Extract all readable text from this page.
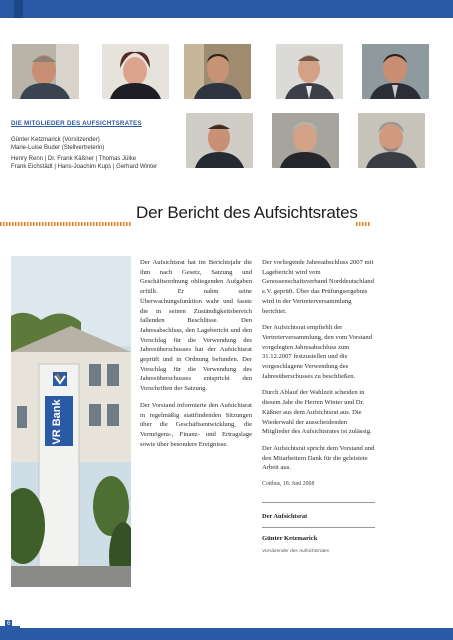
DIE MITGLIEDER DES AUFSICHTSRATES
Günter Ketzmarick (Vorsitzender)
Marie-Luise Buder (Stellvertreterin)
Henry Renn | Dr. Frank Käßner | Thomas Jülke
Frank Eichstädt | Hans-Joachim Kups | Gerhard Winter
Der Bericht des Aufsichtsrates
VR Bank

Der Aufsichtsrat hat im Berichtsjahr die ihm nach Gesetz, Satzung und Geschäftsordnung obliegenden Aufgaben erfüllt. Er nahm seine Überwachungsfunktion wahr und fasste die in seinen Zuständigkeitsbereich fallenden Beschlüsse. Den Jahresabschluss, den Lagebericht und den Vorschlag für die Verwendung des Jahresüberschusses hat der Aufsichtsrat geprüft und in Ordnung befunden. Der Vorschlag für die Verwendung des Jahresüberschusses entspricht den Vorschriften der Satzung.

Der Vorstand informierte den Aufsichtsrat in regelmäßig stattfindenden Sitzungen über die Geschäftsentwicklung, die Vermögens-, Finanz- und Ertragslage sowie über besondere Ereignisse.

Der vorliegende Jahresabschluss 2007 mit Lagebericht wird vom Genossenschaftsverband Norddeutschland e.V. geprüft. Über das Prüfungsergebnis wird in der Vertreterversammlung berichtet.

Der Aufsichtsrat empfiehlt der Vertreterversammlung, den vom Vorstand vorgelegten Jahresabschluss zum 31.12.2007 festzustellen und die vorgeschlagene Verwendung des Jahresüberschusses zu beschließen.

Durch Ablauf der Wahlzeit scheiden in diesem Jahr die Herren Winter und Dr. Käßner aus dem Aufsichtsrat aus. Die Wiederwahl der ausscheidenden Mitglieder des Aufsichtsrates ist zulässig.

Der Aufsichtsrat spricht dem Vorstand und den Mitarbeitern Dank für die geleistete Arbeit aus.

Cottbus, 18. Juni 2008
Der Aufsichtsrat
Günter Ketzmarick
Vorsitzender des Aufsichtsrates
6
